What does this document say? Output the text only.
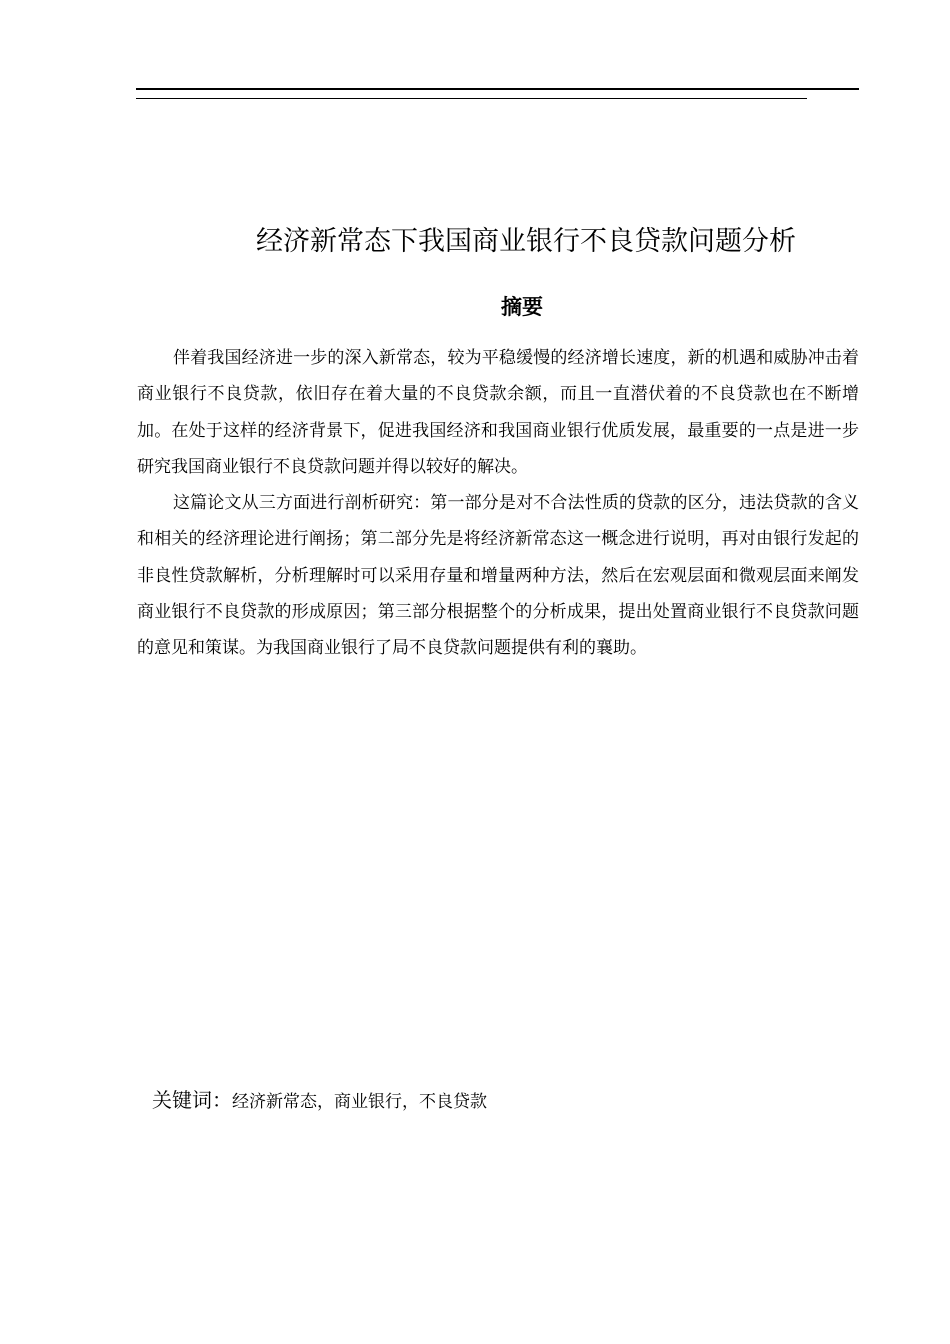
经济新常态下我国商业银行不良贷款问题分析
摘要

伴着我国经济进一步的深入新常态，较为平稳缓慢的经济增长速度，新的机遇和威胁冲击着商业银行不良贷款，依旧存在着大量的不良贷款余额，而且一直潜伏着的不良贷款也在不断增加。在处于这样的经济背景下，促进我国经济和我国商业银行优质发展，最重要的一点是进一步研究我国商业银行不良贷款问题并得以较好的解决。

这篇论文从三方面进行剖析研究：第一部分是对不合法性质的贷款的区分，违法贷款的含义和相关的经济理论进行阐扬；第二部分先是将经济新常态这一概念进行说明，再对由银行发起的非良性贷款解析，分析理解时可以采用存量和增量两种方法，然后在宏观层面和微观层面来阐发商业银行不良贷款的形成原因；第三部分根据整个的分析成果，提出处置商业银行不良贷款问题的意见和策谋。为我国商业银行了局不良贷款问题提供有利的襄助。

关键词：经济新常态，商业银行，不良贷款
